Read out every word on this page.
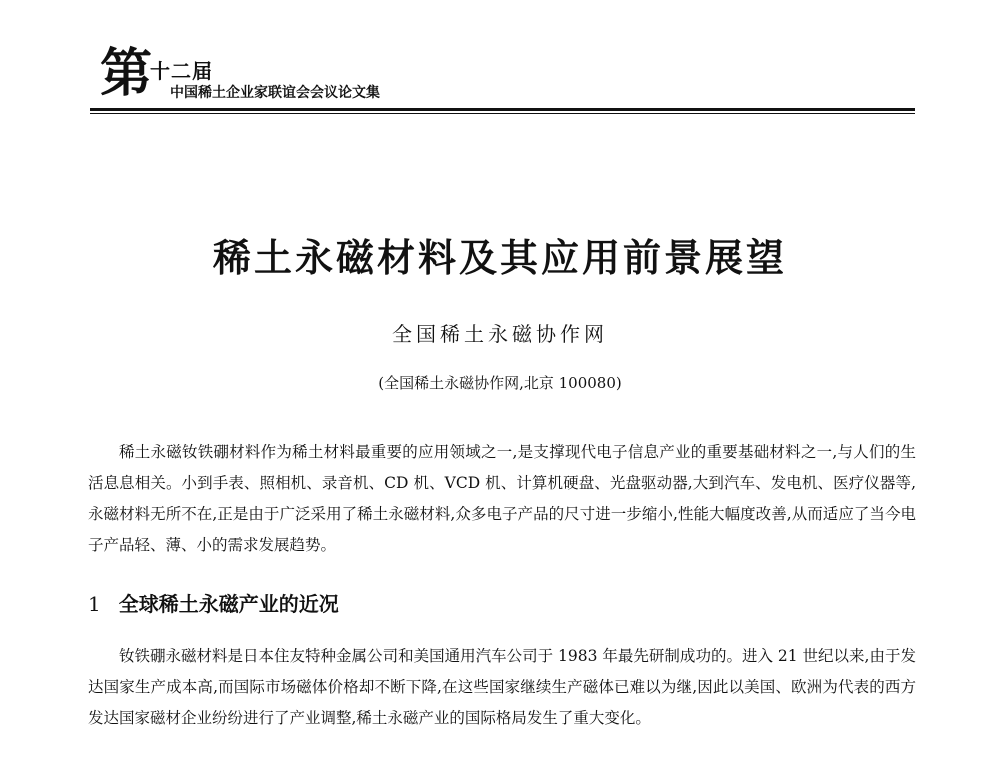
第
十二届
中国稀土企业家联谊会会议论文集
稀土永磁材料及其应用前景展望
全国稀土永磁协作网
(全国稀土永磁协作网,北京 100080)

稀土永磁钕铁硼材料作为稀土材料最重要的应用领域之一,是支撑现代电子信息产业的重要基础材料之一,与人们的生活息息相关。小到手表、照相机、录音机、CD 机、VCD 机、计算机硬盘、光盘驱动器,大到汽车、发电机、医疗仪器等,永磁材料无所不在,正是由于广泛采用了稀土永磁材料,众多电子产品的尺寸进一步缩小,性能大幅度改善,从而适应了当今电子产品轻、薄、小的需求发展趋势。

1 全球稀土永磁产业的近况

钕铁硼永磁材料是日本住友特种金属公司和美国通用汽车公司于 1983 年最先研制成功的。进入 21 世纪以来,由于发达国家生产成本高,而国际市场磁体价格却不断下降,在这些国家继续生产磁体已难以为继,因此以美国、欧洲为代表的西方发达国家磁材企业纷纷进行了产业调整,稀土永磁产业的国际格局发生了重大变化。
